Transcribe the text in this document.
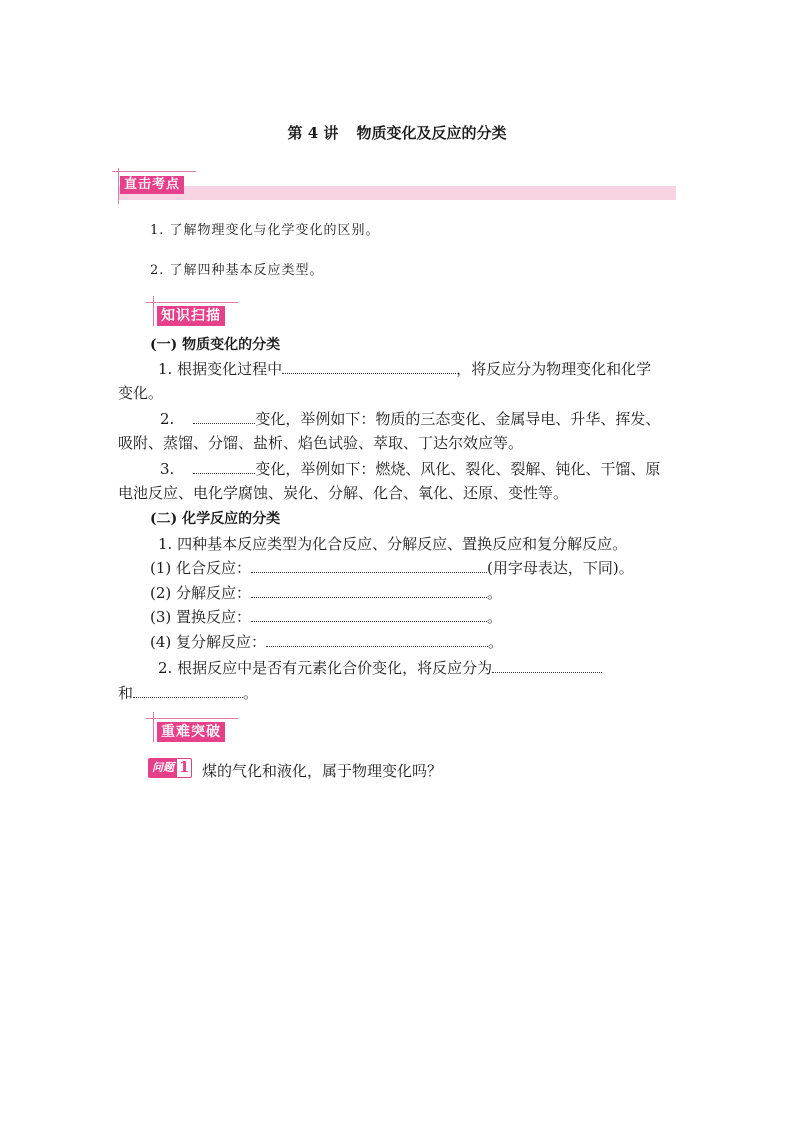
第 4 讲 物质变化及反应的分类
直击考点
1. 了解物理变化与化学变化的区别。
2. 了解四种基本反应类型。
知识扫描
(一) 物质变化的分类
1. 根据变化过程中	，将反应分为物理变化和化学
变化。
2.	变化，举例如下：物质的三态变化、金属导电、升华、挥发、
吸附、蒸馏、分馏、盐析、焰色试验、萃取、丁达尔效应等。
3.	变化，举例如下：燃烧、风化、裂化、裂解、钝化、干馏、原
电池反应、电化学腐蚀、炭化、分解、化合、氧化、还原、变性等。
(二) 化学反应的分类
1. 四种基本反应类型为化合反应、分解反应、置换反应和复分解反应。
(1) 化合反应：	(用字母表达，下同)。
(2) 分解反应：	。
(3) 置换反应：	。
(4) 复分解反应：	。
2. 根据反应中是否有元素化合价变化，将反应分为
和	。
重难突破
问题 1 煤的气化和液化，属于物理变化吗？
